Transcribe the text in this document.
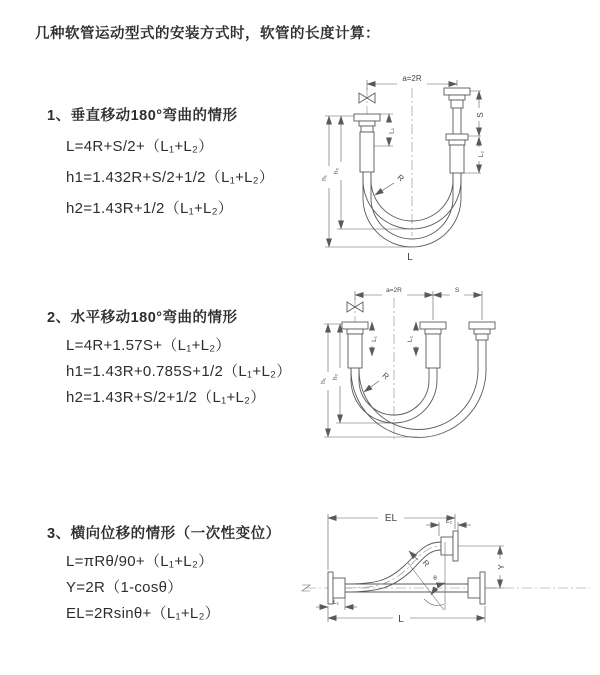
几种软管运动型式的安装方式时，软管的长度计算：
1、垂直移动180°弯曲的情形
L=4R+S/2+（L₁+L₂）
h1=1.432R+S/2+1/2（L₁+L₂）
h2=1.43R+1/2（L₁+L₂）
2、水平移动180°弯曲的情形
L=4R+1.57S+（L₁+L₂）
h1=1.43R+0.785S+1/2（L₁+L₂）
h2=1.43R+S/2+1/2（L₁+L₂）
3、横向位移的情形（一次性变位）
L=πRθ/90+（L₁+L₂）
Y=2R（1-cosθ）
EL=2Rsinθ+（L₁+L₂）
a=2R
L₁
S
L₂
h₁
h₂
R
L
a=2R	S
L₁	L₂
h₁
h₂	R
EL	L₂
Y
L
L₁
R
θ
